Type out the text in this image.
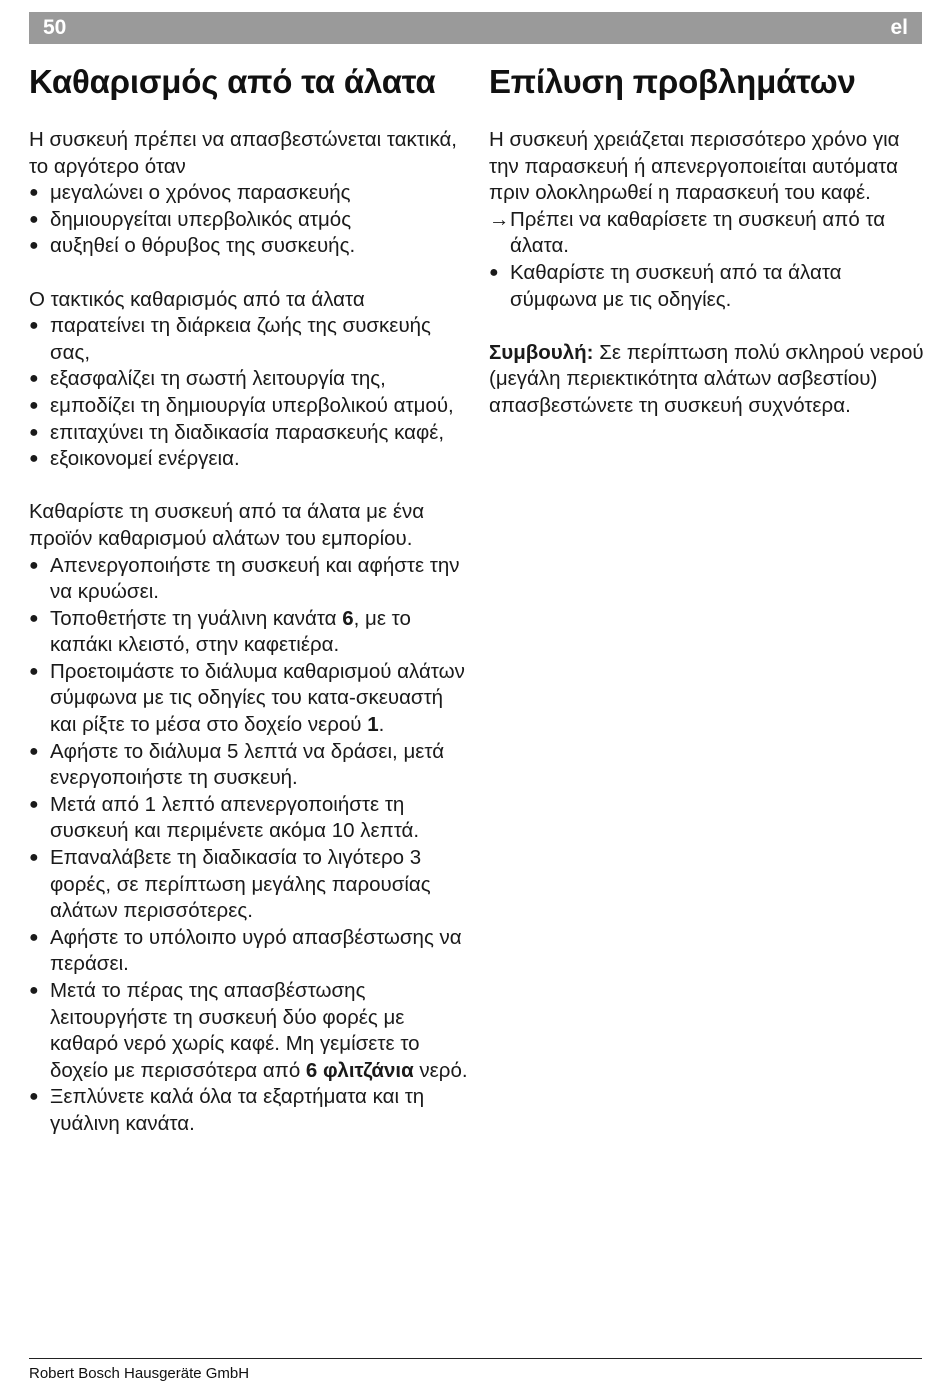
50	el
Καθαρισμός από τα άλατα

Η συσκευή πρέπει να απασβεστώνεται τακτικά, το αργότερο όταν

● μεγαλώνει ο χρόνος παρασκευής
● δημιουργείται υπερβολικός ατμός
● αυξηθεί ο θόρυβος της συσκευής.

Ο τακτικός καθαρισμός από τα άλατα

● παρατείνει τη διάρκεια ζωής της συσκευής σας,
● εξασφαλίζει τη σωστή λειτουργία της,
● εμποδίζει τη δημιουργία υπερβολικού ατμού,
● επιταχύνει τη διαδικασία παρασκευής καφέ,
● εξοικονομεί ενέργεια.

Καθαρίστε τη συσκευή από τα άλατα με ένα προϊόν καθαρισμού αλάτων του εμπορίου.

● Απενεργοποιήστε τη συσκευή και αφήστε την να κρυώσει.
● Τοποθετήστε τη γυάλινη κανάτα 6, με το καπάκι κλειστό, στην καφετιέρα.
● Προετοιμάστε το διάλυμα καθαρισμού αλάτων σύμφωνα με τις οδηγίες του κατα-σκευαστή και ρίξτε το μέσα στο δοχείο νερού 1.
● Αφήστε το διάλυμα 5 λεπτά να δράσει, μετά ενεργοποιήστε τη συσκευή.
● Μετά από 1 λεπτό απενεργοποιήστε τη συσκευή και περιμένετε ακόμα 10 λεπτά.
● Επαναλάβετε τη διαδικασία το λιγότερο 3 φορές, σε περίπτωση μεγάλης παρουσίας αλάτων περισσότερες.
● Αφήστε το υπόλοιπο υγρό απασβέστωσης να περάσει.
● Μετά το πέρας της απασβέστωσης λειτουργήστε τη συσκευή δύο φορές με καθαρό νερό χωρίς καφέ. Μη γεμίσετε το δοχείο με περισσότερα από 6 φλιτζάνια νερό.
● Ξεπλύνετε καλά όλα τα εξαρτήματα και τη γυάλινη κανάτα.
Επίλυση προβλημάτων

Η συσκευή χρειάζεται περισσότερο χρόνο για την παρασκευή ή απενεργοποιείται αυτόματα πριν ολοκληρωθεί η παρασκευή του καφέ.

→ Πρέπει να καθαρίσετε τη συσκευή από τα άλατα.
● Καθαρίστε τη συσκευή από τα άλατα σύμφωνα με τις οδηγίες.

Συμβουλή: Σε περίπτωση πολύ σκληρού νερού (μεγάλη περιεκτικότητα αλάτων ασβεστίου) απασβεστώνετε τη συσκευή συχνότερα.

Robert Bosch Hausgeräte GmbH
